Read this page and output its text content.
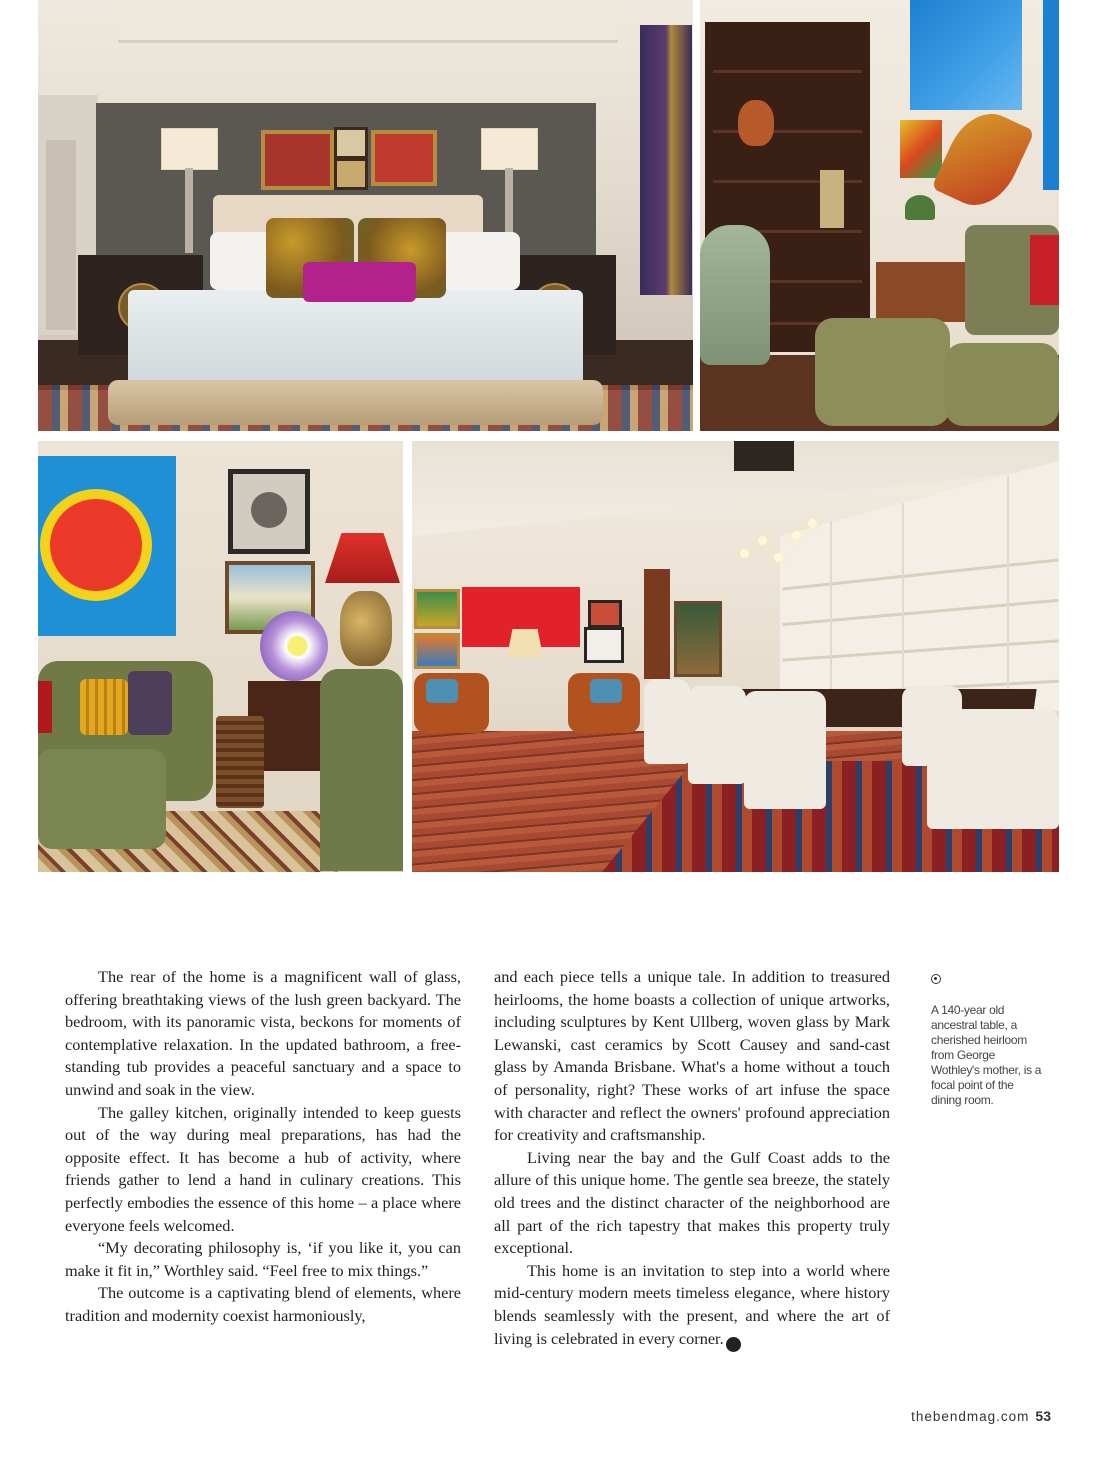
The rear of the home is a magnificent wall of glass, offering breathtaking views of the lush green backyard. The bedroom, with its panoramic vista, beckons for moments of contemplative relaxation. In the updated bathroom, a free-standing tub provides a peaceful sanctuary and a space to unwind and soak in the view.

The galley kitchen, originally intended to keep guests out of the way during meal preparations, has had the opposite effect. It has become a hub of activity, where friends gather to lend a hand in culinary creations. This perfectly embodies the essence of this home – a place where everyone feels welcomed.

“My decorating philosophy is, ‘if you like it, you can make it fit in,” Worthley said. “Feel free to mix things.”

The outcome is a captivating blend of elements, where tradition and modernity coexist harmoniously,

and each piece tells a unique tale. In addition to treasured heirlooms, the home boasts a collection of unique artworks, including sculptures by Kent Ullberg, woven glass by Mark Lewanski, cast ceramics by Scott Causey and sand-cast glass by Amanda Brisbane. What's a home without a touch of personality, right? These works of art infuse the space with character and reflect the owners' profound appreciation for creativity and craftsmanship.

Living near the bay and the Gulf Coast adds to the allure of this unique home. The gentle sea breeze, the stately old trees and the distinct character of the neighborhood are all part of the rich tapestry that makes this property truly exceptional.

This home is an invitation to step into a world where mid-century modern meets timeless elegance, where history blends seamlessly with the present, and where the art of living is celebrated in every corner.	TB

A 140-year old ancestral table, a cherished heirloom from George Wothley's mother, is a focal point of the dining room.
thebendmag.com 53
